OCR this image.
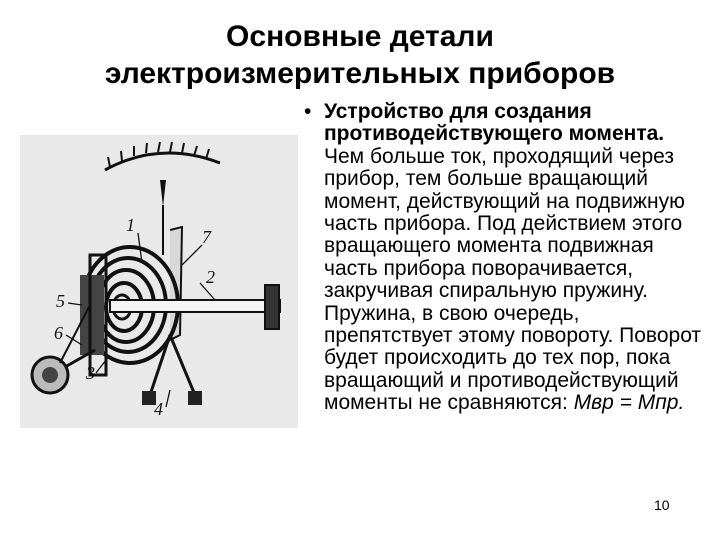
Основные детали
электроизмерительных приборов
1
7
2
5
6
3
4
• Устройство для создания противодействующего момента. Чем больше ток, проходящий через прибор, тем больше вращающий момент, действующий на подвижную часть прибора. Под действием этого вращающего момента подвижная часть прибора поворачивается, закручивая спиральную пружину. Пружина, в свою очередь, препятствует этому повороту. Поворот будет происходить до тех пор, пока вращающий и противодействующий моменты не сравняются: Мвр = Мпр.
10
